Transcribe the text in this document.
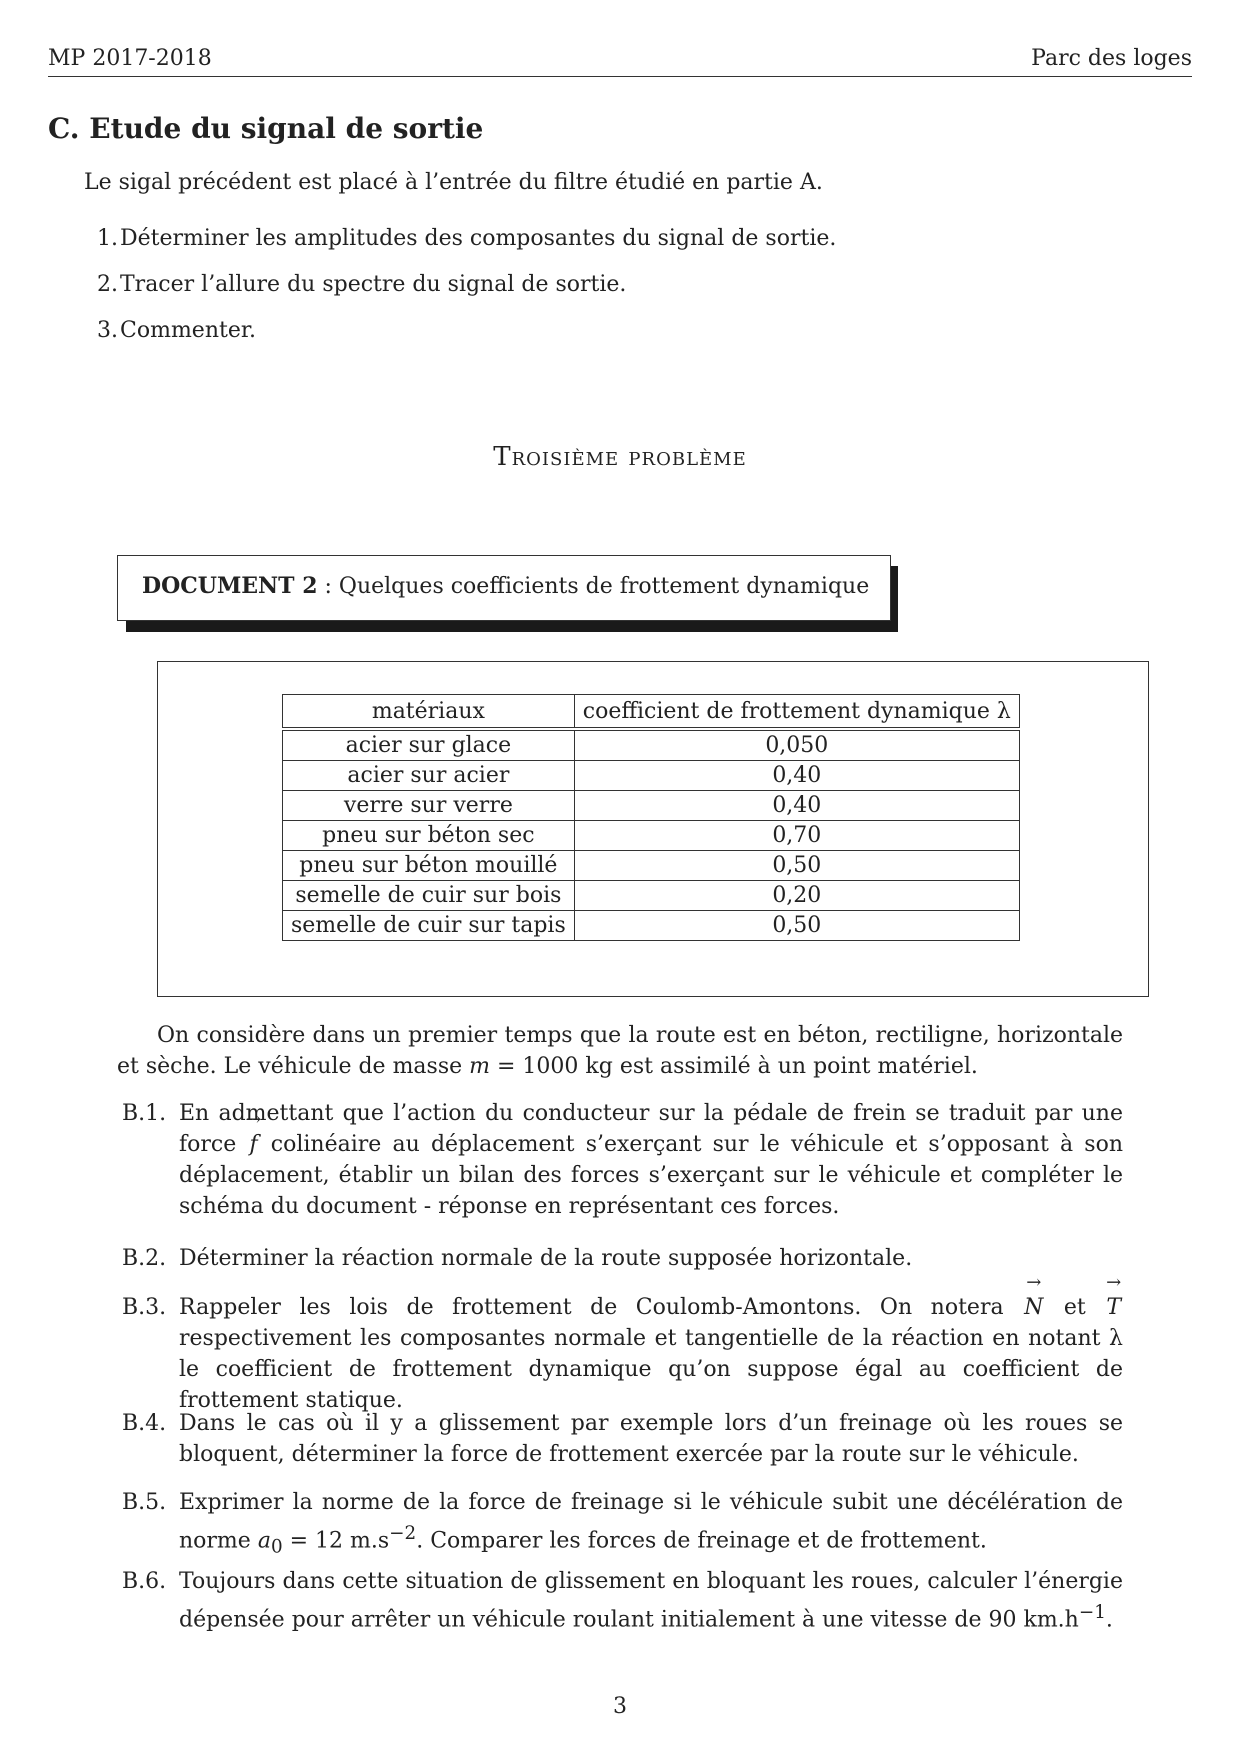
MP 2017-2018	Parc des loges
C. Etude du signal de sortie
Le sigal précédent est placé à l’entrée du filtre étudié en partie A.
1. Déterminer les amplitudes des composantes du signal de sortie.
2. Tracer l’allure du spectre du signal de sortie.
3. Commenter.
Troisième problème
DOCUMENT 2 : Quelques coefficients de frottement dynamique
matériaux	coefficient de frottement dynamique λ
acier sur glace	0,050
acier sur acier	0,40
verre sur verre	0,40
pneu sur béton sec	0,70
pneu sur béton mouillé	0,50
semelle de cuir sur bois	0,20
semelle de cuir sur tapis	0,50
On considère dans un premier temps que la route est en béton, rectiligne, horizontale et sèche. Le véhicule de masse m = 1000 kg est assimilé à un point matériel.
B.1. En admettant que l’action du conducteur sur la pédale de frein se traduit par une force → f colinéaire au déplacement s’exerçant sur le véhicule et s’opposant à son déplacement, établir un bilan des forces s’exerçant sur le véhicule et compléter le schéma du document - réponse en représentant ces forces.
B.2. Déterminer la réaction normale de la route supposée horizontale.
B.3. Rappeler les lois de frottement de Coulomb-Amontons. On notera → N et → T respectivement les composantes normale et tangentielle de la réaction en notant λ le coefficient de frottement dynamique qu’on suppose égal au coefficient de frottement statique.
B.4. Dans le cas où il y a glissement par exemple lors d’un freinage où les roues se bloquent, déterminer la force de frottement exercée par la route sur le véhicule.
B.5. Exprimer la norme de la force de freinage si le véhicule subit une décélération de norme $a_0 = 12$ $m.s^{-2}$. Comparer les forces de freinage et de frottement.
B.6. Toujours dans cette situation de glissement en bloquant les roues, calculer l’énergie dépensée pour arrêter un véhicule roulant initialement à une vitesse de 90 $km.h^{-1}$.
3
